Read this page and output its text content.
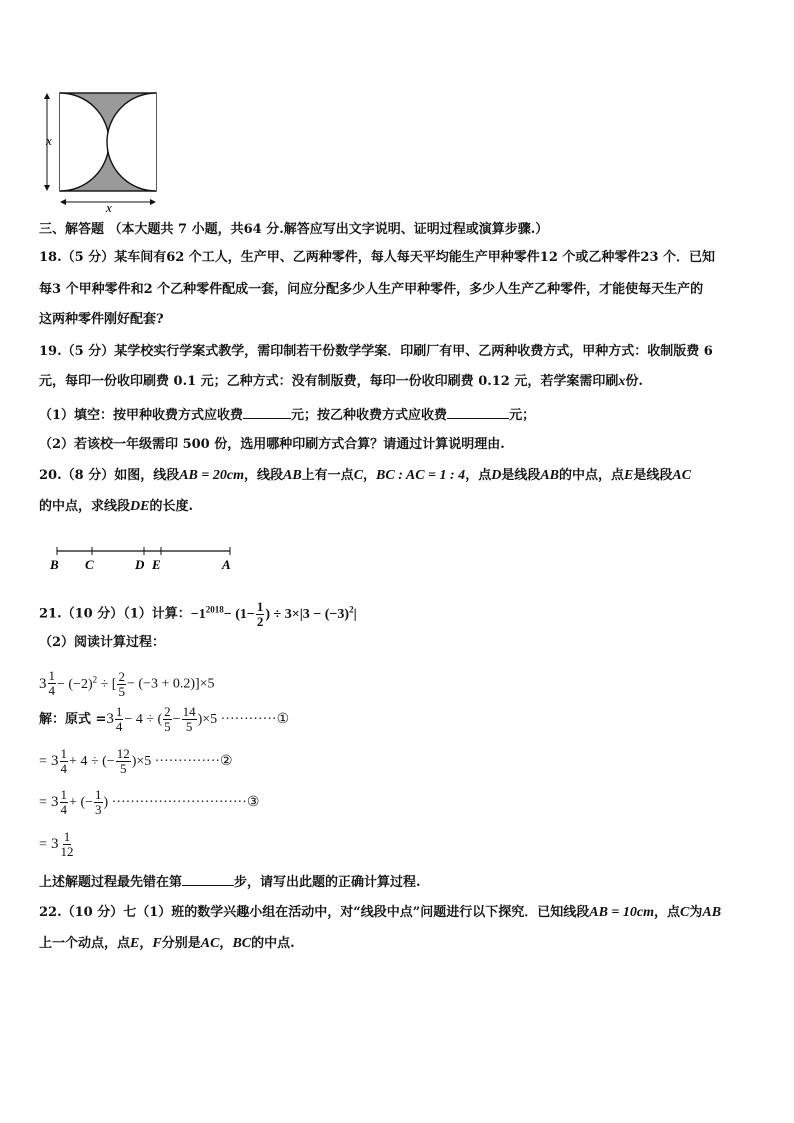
x
x
三、解答题 （本大题共 7 小题，共64 分.解答应写出文字说明、证明过程或演算步骤.）
18.（5 分）某车间有62 个工人，生产甲、乙两种零件，每人每天平均能生产甲种零件12 个或乙种零件23 个．已知
每3 个甲种零件和2 个乙种零件配成一套，问应分配多少人生产甲种零件，多少人生产乙种零件，才能使每天生产的
这两种零件刚好配套?
19.（5 分）某学校实行学案式教学，需印制若干份数学学案．印刷厂有甲、乙两种收费方式，甲种方式：收制版费 6
元，每印一份收印刷费 0.1 元；乙种方式：没有制版费，每印一份收印刷费 0.12 元，若学案需印刷x份.
（1）填空：按甲种收费方式应收费	元；按乙种收费方式应收费	元；
（2）若该校一年级需印 500 份，选用哪种印刷方式合算？请通过计算说明理由.
20.（8 分）如图，线段AB = 20cm，线段AB上有一点C，BC : AC = 1 : 4，点D是线段AB的中点，点E是线段AC
的中点，求线段DE的长度.
B C	D E	A
21.（10 分）（1）计算：$-1^{2018}- (1- \frac{1}{2}$ ) ÷ $3\times|3 - (-3)^2|$
（2）阅读计算过程：
$3 \frac{1}{4} - (-2)^2$ ÷ [ $\frac{2}{5} - (-3 + 0.2)]\times 5$
解：原式 = $3 \frac{1}{4} - 4$ ÷ ( $\frac{2}{5} - \frac{14}{5} )\times 5$ ············①
= $3 \frac{1}{4} + 4$ ÷ (− $\frac{12}{5} )\times 5$ ··············②
= $3 \frac{1}{4}$ + (− $\frac{1}{3}$ ) ·····························③
= $3 \frac{1}{12}$
上述解题过程最先错在第	步，请写出此题的正确计算过程.
22.（10 分）七（1）班的数学兴趣小组在活动中，对“线段中点”问题进行以下探究．已知线段AB = 10cm，点C为AB
上一个动点，点E，F分别是AC，BC的中点.
